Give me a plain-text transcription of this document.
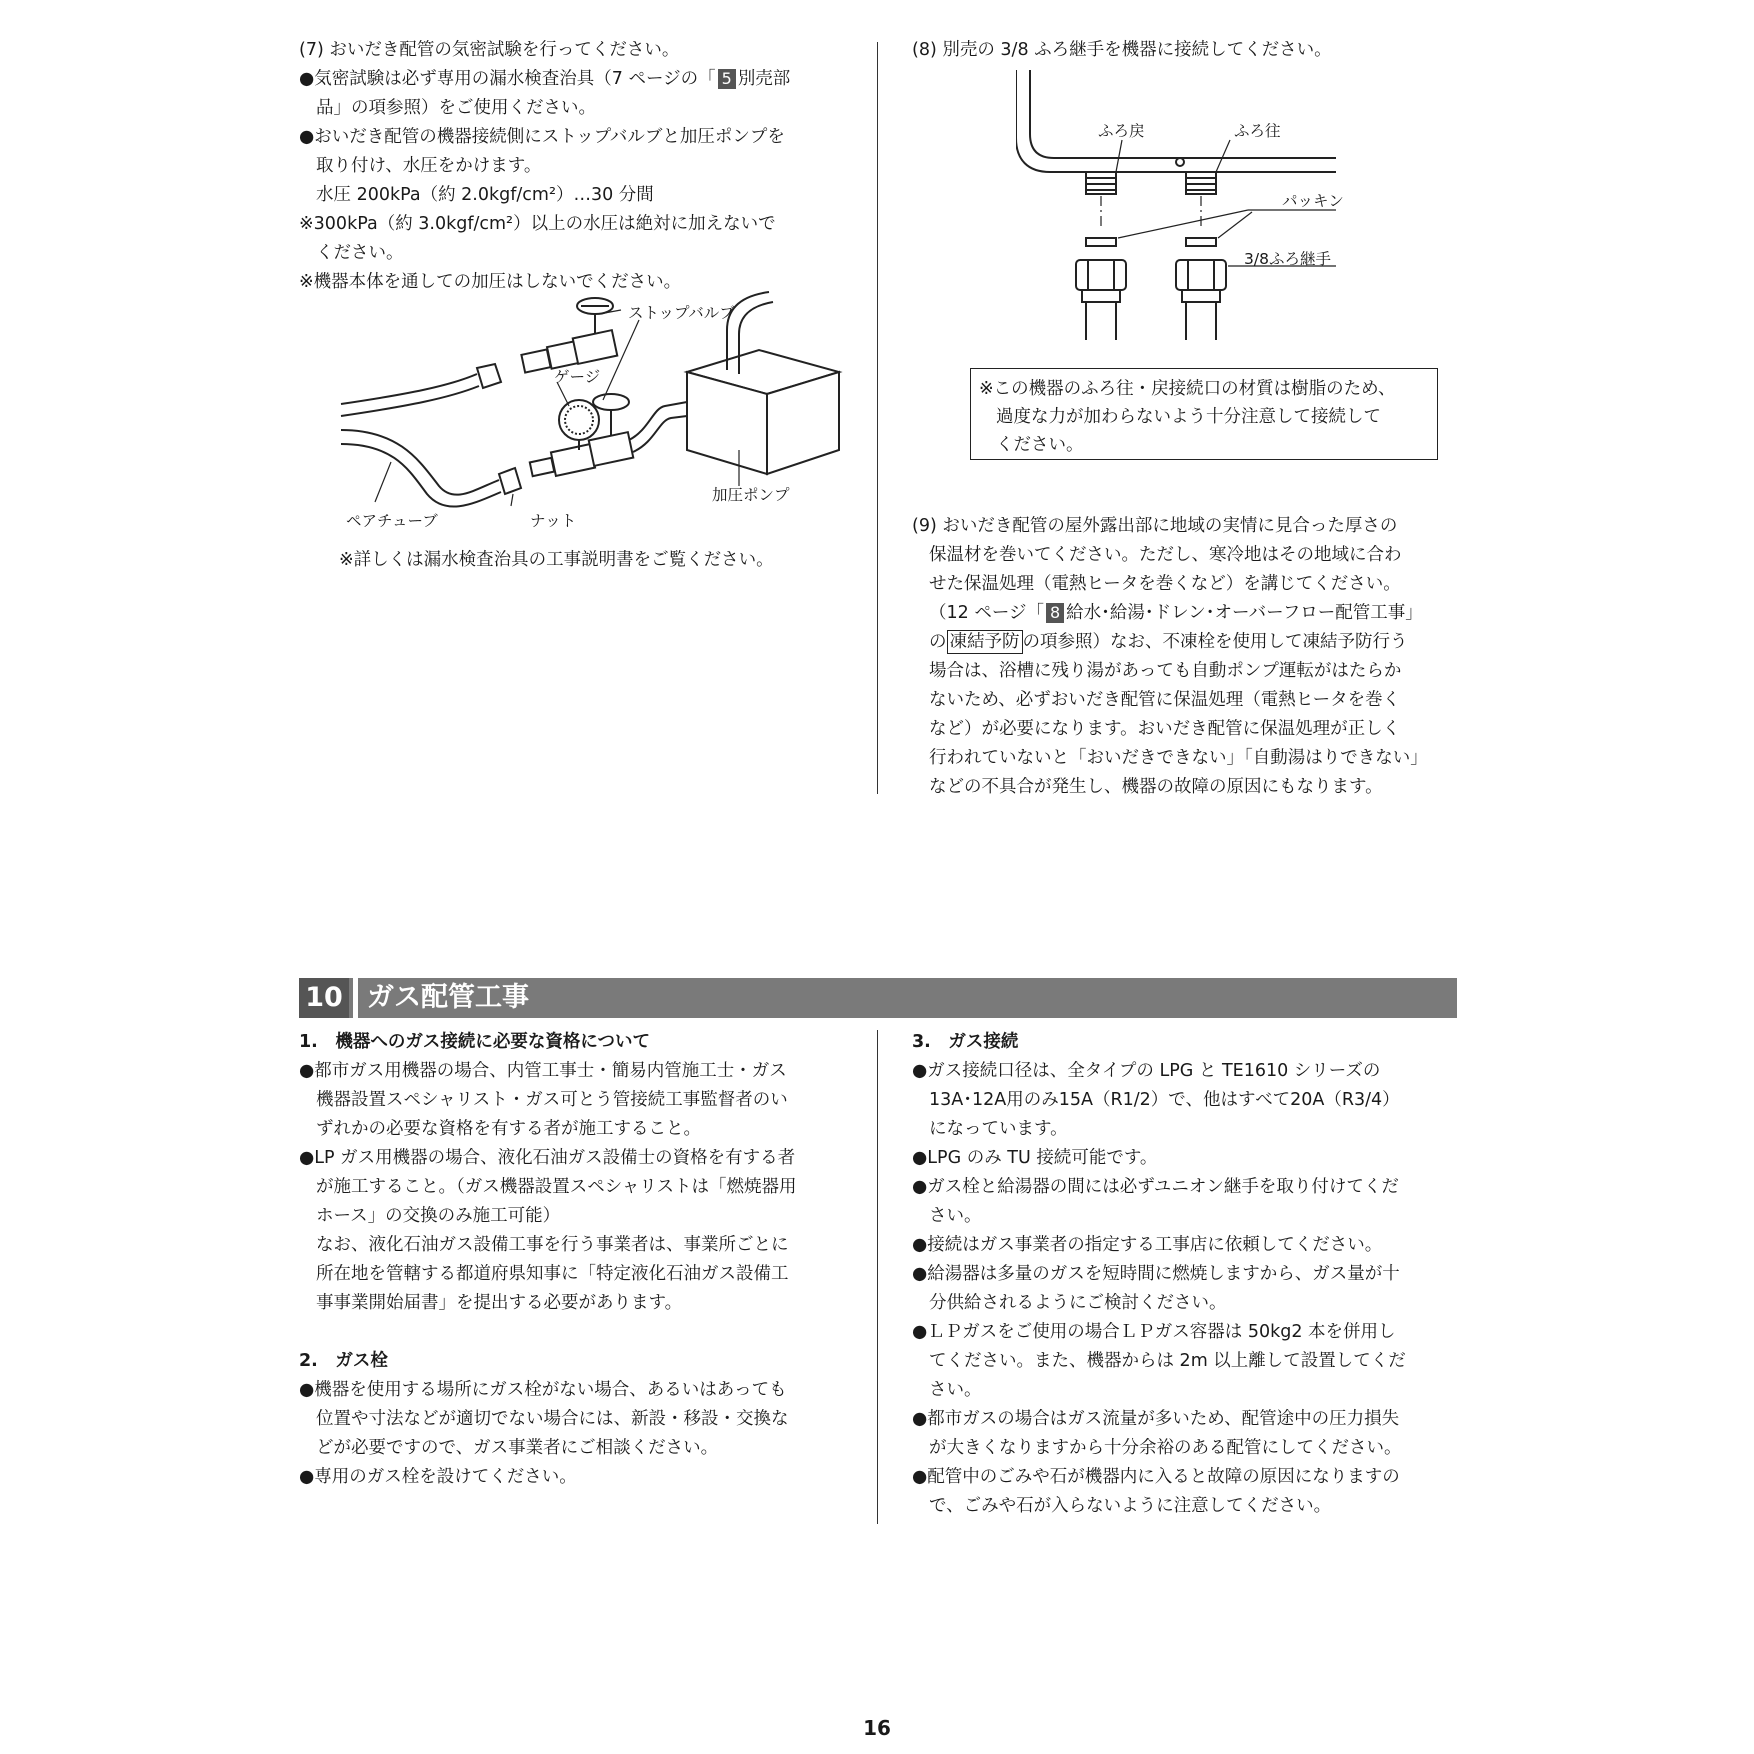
(7) おいだき配管の気密試験を行ってください。

●気密試験は必ず専用の漏水検査治具（7 ページの「 5 別売部

品」の項参照）をご使用ください。

●おいだき配管の機器接続側にストップバルブと加圧ポンプを

取り付け、水圧をかけます。

水圧 200kPa（約 2.0kgf/cm²）…30 分間

※300kPa（約 3.0kgf/cm²）以上の水圧は絶対に加えないで

ください。

※機器本体を通しての加圧はしないでください。

ストップバルブ
ゲージ
加圧ポンプ
ペアチューブ	ナット
※詳しくは漏水検査治具の工事説明書をご覧ください。
(8) 別売の 3/8 ふろ継手を機器に接続してください。
ふろ戻	ふろ往
パッキン
3/8ふろ継手
※この機器のふろ往・戻接続口の材質は樹脂のため、
過度な力が加わらないよう十分注意して接続して
ください。

(9) おいだき配管の屋外露出部に地域の実情に見合った厚さの

保温材を巻いてください。ただし、寒冷地はその地域に合わ

せた保温処理（電熱ヒータを巻くなど）を講じてください。

（12 ページ「 8 給水･給湯･ドレン･オーバーフロー配管工事」

の 凍結予防 の項参照）なお、不凍栓を使用して凍結予防行う

場合は、浴槽に残り湯があっても自動ポンプ運転がはたらか

ないため、必ずおいだき配管に保温処理（電熱ヒータを巻く

など）が必要になります。おいだき配管に保温処理が正しく

行われていないと「おいだきできない」「自動湯はりできない」

などの不具合が発生し、機器の故障の原因にもなります。

10 ガス配管工事

1.　機器へのガス接続に必要な資格について

●都市ガス用機器の場合、内管工事士・簡易内管施工士・ガス

機器設置スペシャリスト・ガス可とう管接続工事監督者のい

ずれかの必要な資格を有する者が施工すること。

●LP ガス用機器の場合、液化石油ガス設備士の資格を有する者

が施工すること。（ガス機器設置スペシャリストは「燃焼器用

ホース」の交換のみ施工可能）

なお、液化石油ガス設備工事を行う事業者は、事業所ごとに

所在地を管轄する都道府県知事に「特定液化石油ガス設備工

事事業開始届書」を提出する必要があります。

2.　ガス栓

●機器を使用する場所にガス栓がない場合、あるいはあっても

位置や寸法などが適切でない場合には、新設・移設・交換な

どが必要ですので、ガス事業者にご相談ください。

●専用のガス栓を設けてください。

3.　ガス接続

●ガス接続口径は、全タイプの LPG と TE1610 シリーズの

13A･12A用のみ15A（R1/2）で、他はすべて20A（R3/4）

になっています。

●LPG のみ TU 接続可能です。

●ガス栓と給湯器の間には必ずユニオン継手を取り付けてくだ

さい。

●接続はガス事業者の指定する工事店に依頼してください。

●給湯器は多量のガスを短時間に燃焼しますから、ガス量が十

分供給されるようにご検討ください。

●ＬＰガスをご使用の場合ＬＰガス容器は 50kg2 本を併用し

てください。また、機器からは 2m 以上離して設置してくだ

さい。

●都市ガスの場合はガス流量が多いため、配管途中の圧力損失

が大きくなりますから十分余裕のある配管にしてください。

●配管中のごみや石が機器内に入ると故障の原因になりますの

で、ごみや石が入らないように注意してください。

16
